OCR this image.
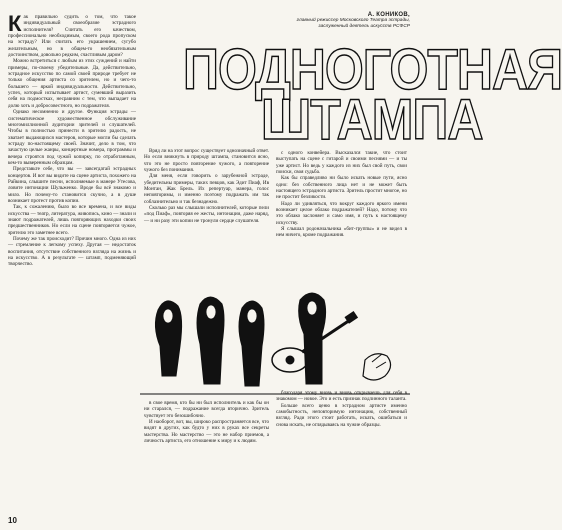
А. КОНИКОВ,
главный режиссер Московского Театра эстрады,
заслуженный деятель искусств РСФСР
ПОДНОГОТНАЯ
ШТАМПА

Как правильно судить о том, что такое индивидуальный своеобразие эстрадного исполнителя? Считать его качеством, профессионально необходимым, своего рода пропуском на эстраду? Или считать его украшением, сугубо желательным, но в общем-то необязательным достоинством, довольно редким, счастливым даром?

Можно встретиться с любым из этих суждений и найти примеры, по-своему убедительные. Да, действительно, эстрадное искусство по самой своей природе требует не только общения артиста со зрителем, но и чего-то большего — яркой индивидуальности. Действительно, успех, который испытывает артист, сумевший выразить себя на подмостках, несравним с тем, что выпадает на долю хоть и добросовестного, но подражателя.

Однако несомненно и другое. Функция эстрады — систематическое художественное обслуживание многомиллионной аудитории зрителей и слушателей. Чтобы в полностью принести в зрителю радость, не хватает выдающихся мастеров, которые могли бы сделать эстраду по-настоящему своей. Значит, дело в том, что зачастую целые жанры, концертные номера, программы и вечера строятся под чужой копирку, по отработанным, кем-то выверенным образцам.

Представьте себе, что вы — завсегдатай эстрадных концертов. И вот вы видите на сцене артиста, похожего на Райкина, слышите песни, исполняемые в манере Утесова, ловите интонации Шульженко. Вроде бы всё знакомо и мило. Но почему-то становится скучно, а в душе возникает протест против копии.

Так, к сожалению, было во все времена, и все виды искусства — театр, литература, живопись, кино — знали и знают подражателей, лишь повторяющих находки своих предшественников. Но если на сцене повторяется чужое, зрителю это заметнее всего.

Почему же так происходит? Причин много. Одна из них — стремление к легкому успеху. Другая — недостаток воспитания, отсутствие собственного взгляда на жизнь и на искусство. А в результате — штамп, подменяющий творчество.

Вряд ли на этот вопрос существует однозначный ответ. Но если вникнуть в природу штампа, становится ясно, что это не просто повторение чужого, а повторение чужого без понимания.

Для меня, если говорить о зарубежной эстраде, убедительны примеры, таких певцов, как Эдит Пиаф, Ив Монтан, Жак Брель. Их репертуар, манера, голос неповторимы, и именно поэтому подражать им так соблазнительно и так безнадежно.

Сколько раз мы слышали исполнителей, которые пели «под Пиаф», повторяя ее жесты, интонации, даже наряд, — и ни разу эти копии не тронули сердце слушателя.

с одного конвейера. Высказался такие, что стоит выступать на сцене с гитарой и своими песнями — и ты уже артист. Но ведь у каждого из них был свой путь, свои поиски, своя судьба.

Как бы справедливо ни было искать новые пути, ясно одно: без собственного лица нет и не может быть настоящего эстрадного артиста. Зритель простит многое, но не простит безликости.

Надо ли удивляться, что вокруг каждого яркого имени возникает целое облако подражателей? Надо, потому что это облако заслоняет и само имя, и путь к настоящему искусству.

Я слышал родоначальника «бит-группы» и не видел в нем ничего, кроме подражания.

в свое время, кто бы ни был исполнитель и как бы он ни старался, — подражание всегда вторично. Зритель чувствует это безошибочно.

И наоборот, вот, вы, широко распространяется все, что видят в других, как будто у них в руках все секреты мастерства. Но мастерство — это не набор приемов, а личность артиста, его отношение к миру и к людям.

благодаря этому вновь и вновь открываешь для себя в знакомом — новое. Это и есть признак подлинного таланта.

Больше всего ценю в эстрадном артисте именно самобытность, неповторимую интонацию, собственный взгляд. Ради этого стоит работать, искать, ошибаться и снова искать, не оглядываясь на чужие образцы.

10
